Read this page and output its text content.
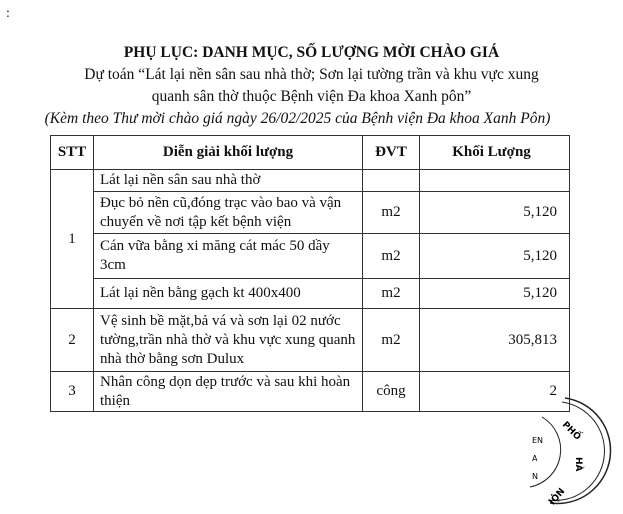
:
PHỤ LỤC: DANH MỤC, SỐ LƯỢNG MỜI CHÀO GIÁ
Dự toán “Lát lại nền sân sau nhà thờ; Sơn lại tường trần và khu vực xung
quanh sân thờ thuộc Bệnh viện Đa khoa Xanh pôn”
(Kèm theo Thư mời chào giá ngày 26/02/2025 của Bệnh viện Đa khoa Xanh Pôn)
STT	Diễn giải khối lượng	ĐVT	Khối Lượng
1	Lát lại nền sân sau nhà thờ		
	Đục bỏ nền cũ,đóng trạc vào bao và vận chuyển về nơi tập kết bệnh viện	m2	5,120
	Cán vữa bằng xi măng cát mác 50 dầy 3cm	m2	5,120
	Lát lại nền bằng gạch kt 400x400	m2	5,120
2	Vệ sinh bề mặt,bả vá và sơn lại 02 nước tường,trần nhà thờ và khu vực xung quanh nhà thờ bằng sơn Dulux	m2	305,813
3	Nhân công dọn dẹp trước và sau khi hoàn thiện	công	2
PHỐ
HÀ
NỘI
EN
A
N
